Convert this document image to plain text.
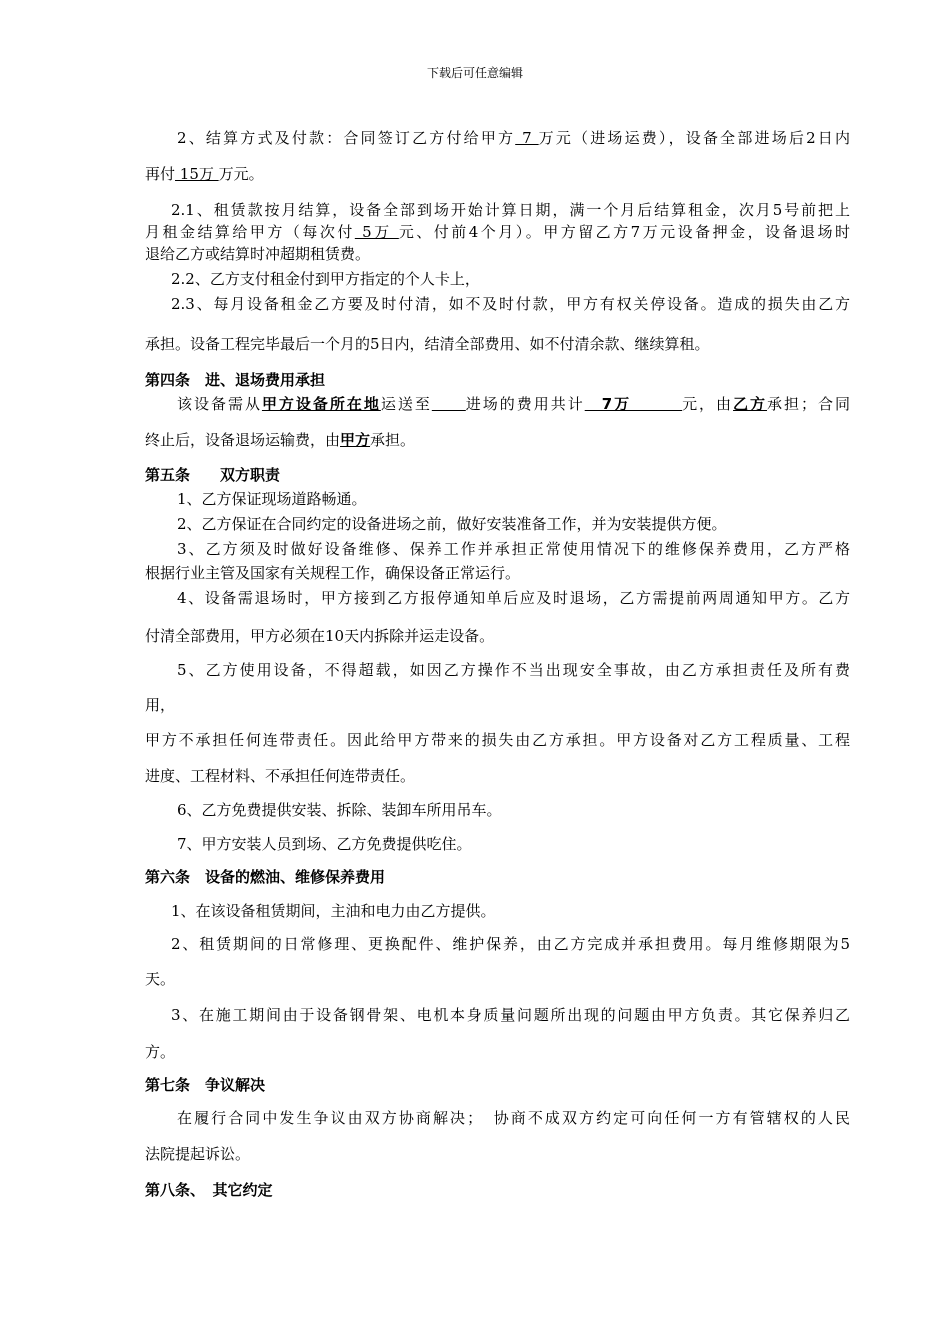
下载后可任意编辑
2、结算方式及付款：合同签订乙方付给甲方 7 万元（进场运费），设备全部进场后2日内
再付 15万 万元。
2.1、租赁款按月结算，设备全部到场开始计算日期，满一个月后结算租金，次月5号前把上
月租金结算给甲方（每次付 5万 元、付前4个月）。甲方留乙方7万元设备押金，设备退场时
退给乙方或结算时冲超期租赁费。
2.2、乙方支付租金付到甲方指定的个人卡上，
2.3、每月设备租金乙方要及时付清，如不及时付款，甲方有权关停设备。造成的损失由乙方
承担。设备工程完毕最后一个月的5日内，结清全部费用、如不付清余款、继续算租。
第四条　进、退场费用承担
该设备需从甲方设备所在地运送至　　 进场的费用共计　7万　　　元，由乙方承担；合同
终止后，设备退场运输费，由甲方承担。
第五条　　双方职责
1、乙方保证现场道路畅通。
2、乙方保证在合同约定的设备进场之前，做好安装准备工作，并为安装提供方便。
3、乙方须及时做好设备维修、保养工作并承担正常使用情况下的维修保养费用，乙方严格
根据行业主管及国家有关规程工作，确保设备正常运行。
4、设备需退场时，甲方接到乙方报停通知单后应及时退场，乙方需提前两周通知甲方。乙方
付清全部费用，甲方必须在10天内拆除并运走设备。
5、乙方使用设备，不得超载，如因乙方操作不当出现安全事故，由乙方承担责任及所有费
用，
甲方不承担任何连带责任。因此给甲方带来的损失由乙方承担。甲方设备对乙方工程质量、工程
进度、工程材料、不承担任何连带责任。
6、乙方免费提供安装、拆除、装卸车所用吊车。
7、甲方安装人员到场、乙方免费提供吃住。
第六条　设备的燃油、维修保养费用
1、在该设备租赁期间，主油和电力由乙方提供。
2、租赁期间的日常修理、更换配件、维护保养，由乙方完成并承担费用。每月维修期限为5
天。
3、在施工期间由于设备钢骨架、电机本身质量问题所出现的问题由甲方负责。其它保养归乙
方。
第七条　争议解决
在履行合同中发生争议由双方协商解决；　协商不成双方约定可向任何一方有管辖权的人民
法院提起诉讼。
第八条、　其它约定
